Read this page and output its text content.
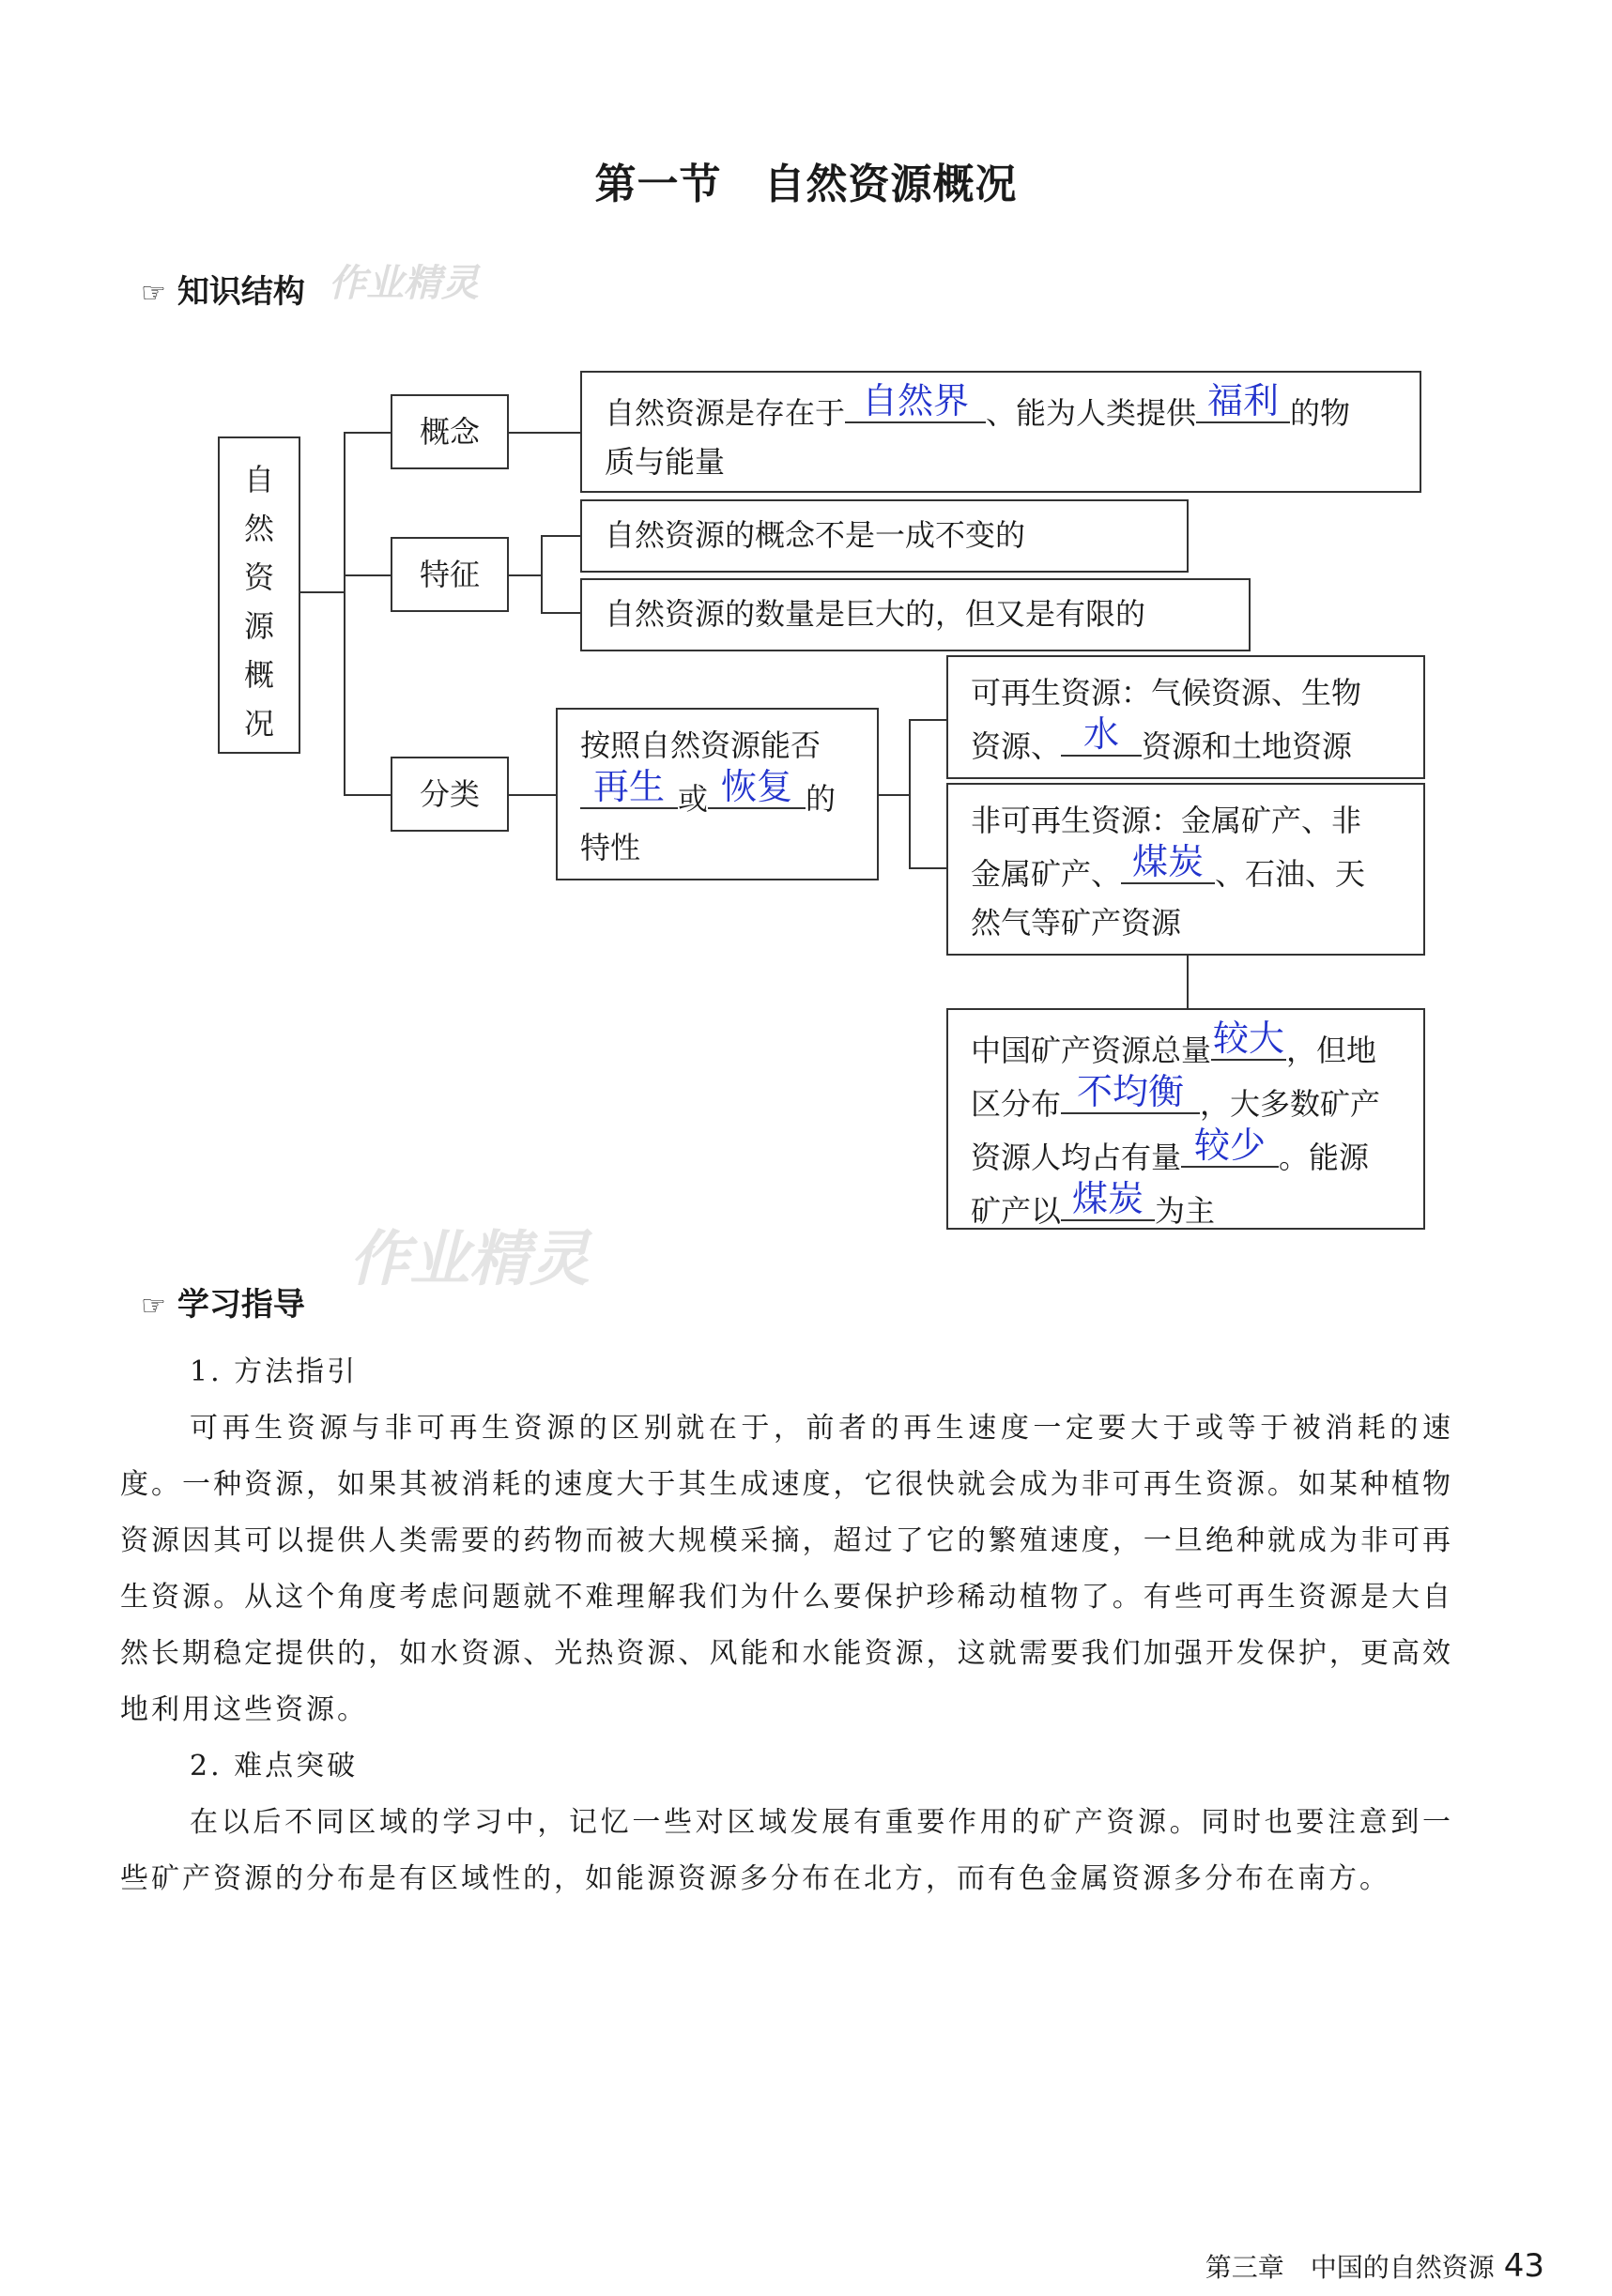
第一节　自然资源概况
☞ 知识结构 作业精灵
自然资源概况
概念
特征
分类
自然资源是存在于 自然界 、能为人类提供 福利 的物
质与能量
自然资源的概念不是一成不变的
自然资源的数量是巨大的，但又是有限的
按照自然资源能否
再生 或 恢复 的
特性
可再生资源：气候资源、生物
资源、 水 资源和土地资源
非可再生资源：金属矿产、非
金属矿产、 煤炭 、石油、天
然气等矿产资源
中国矿产资源总量 较大 ，但地
区分布 不均衡 ，大多数矿产
资源人均占有量 较少 。能源
矿产以 煤炭 为主
作业精灵
☞ 学习指导

1. 方法指引

可再生资源与非可再生资源的区别就在于，前者的再生速度一定要大于或等于被消耗的速度。一种资源，如果其被消耗的速度大于其生成速度，它很快就会成为非可再生资源。如某种植物资源因其可以提供人类需要的药物而被大规模采摘，超过了它的繁殖速度，一旦绝种就成为非可再生资源。从这个角度考虑问题就不难理解我们为什么要保护珍稀动植物了。有些可再生资源是大自然长期稳定提供的，如水资源、光热资源、风能和水能资源，这就需要我们加强开发保护，更高效地利用这些资源。

2. 难点突破

在以后不同区域的学习中，记忆一些对区域发展有重要作用的矿产资源。同时也要注意到一些矿产资源的分布是有区域性的，如能源资源多分布在北方，而有色金属资源多分布在南方。

第三章　中国的自然资源 43
